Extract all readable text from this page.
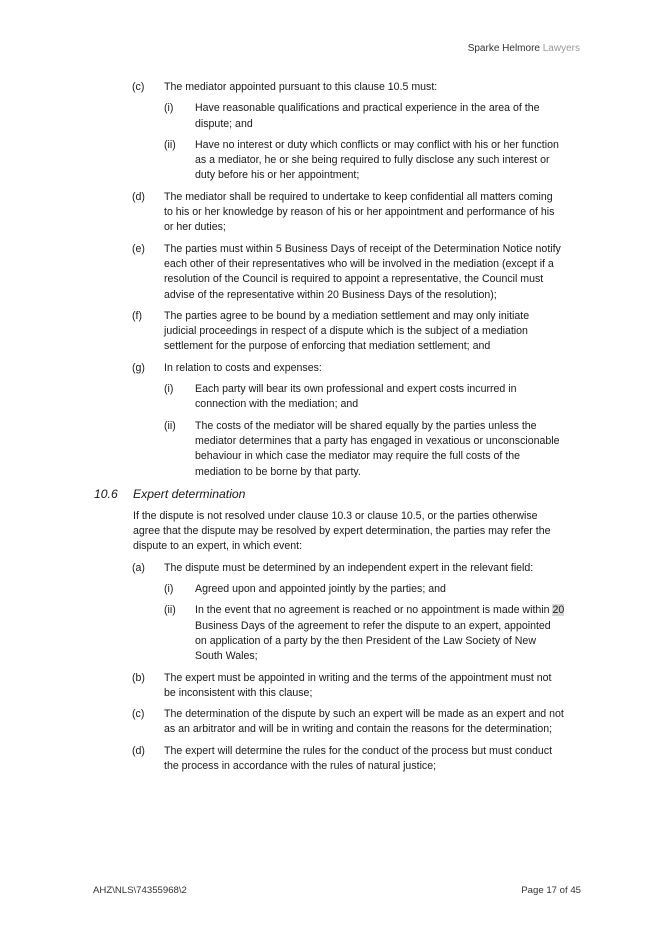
Sparke Helmore Lawyers
(c) The mediator appointed pursuant to this clause 10.5 must:
(i) Have reasonable qualifications and practical experience in the area of the dispute; and
(ii) Have no interest or duty which conflicts or may conflict with his or her function as a mediator, he or she being required to fully disclose any such interest or duty before his or her appointment;
(d) The mediator shall be required to undertake to keep confidential all matters coming to his or her knowledge by reason of his or her appointment and performance of his or her duties;
(e) The parties must within 5 Business Days of receipt of the Determination Notice notify each other of their representatives who will be involved in the mediation (except if a resolution of the Council is required to appoint a representative, the Council must advise of the representative within 20 Business Days of the resolution);
(f) The parties agree to be bound by a mediation settlement and may only initiate judicial proceedings in respect of a dispute which is the subject of a mediation settlement for the purpose of enforcing that mediation settlement; and
(g) In relation to costs and expenses:
(i) Each party will bear its own professional and expert costs incurred in connection with the mediation; and
(ii) The costs of the mediator will be shared equally by the parties unless the mediator determines that a party has engaged in vexatious or unconscionable behaviour in which case the mediator may require the full costs of the mediation to be borne by that party.
10.6 Expert determination
If the dispute is not resolved under clause 10.3 or clause 10.5, or the parties otherwise agree that the dispute may be resolved by expert determination, the parties may refer the dispute to an expert, in which event:
(a) The dispute must be determined by an independent expert in the relevant field:
(i) Agreed upon and appointed jointly by the parties; and
(ii) In the event that no agreement is reached or no appointment is made within 20 Business Days of the agreement to refer the dispute to an expert, appointed on application of a party by the then President of the Law Society of New South Wales;
(b) The expert must be appointed in writing and the terms of the appointment must not be inconsistent with this clause;
(c) The determination of the dispute by such an expert will be made as an expert and not as an arbitrator and will be in writing and contain the reasons for the determination;
(d) The expert will determine the rules for the conduct of the process but must conduct the process in accordance with the rules of natural justice;
AHZ\NLS\74355968\2	Page 17 of 45
